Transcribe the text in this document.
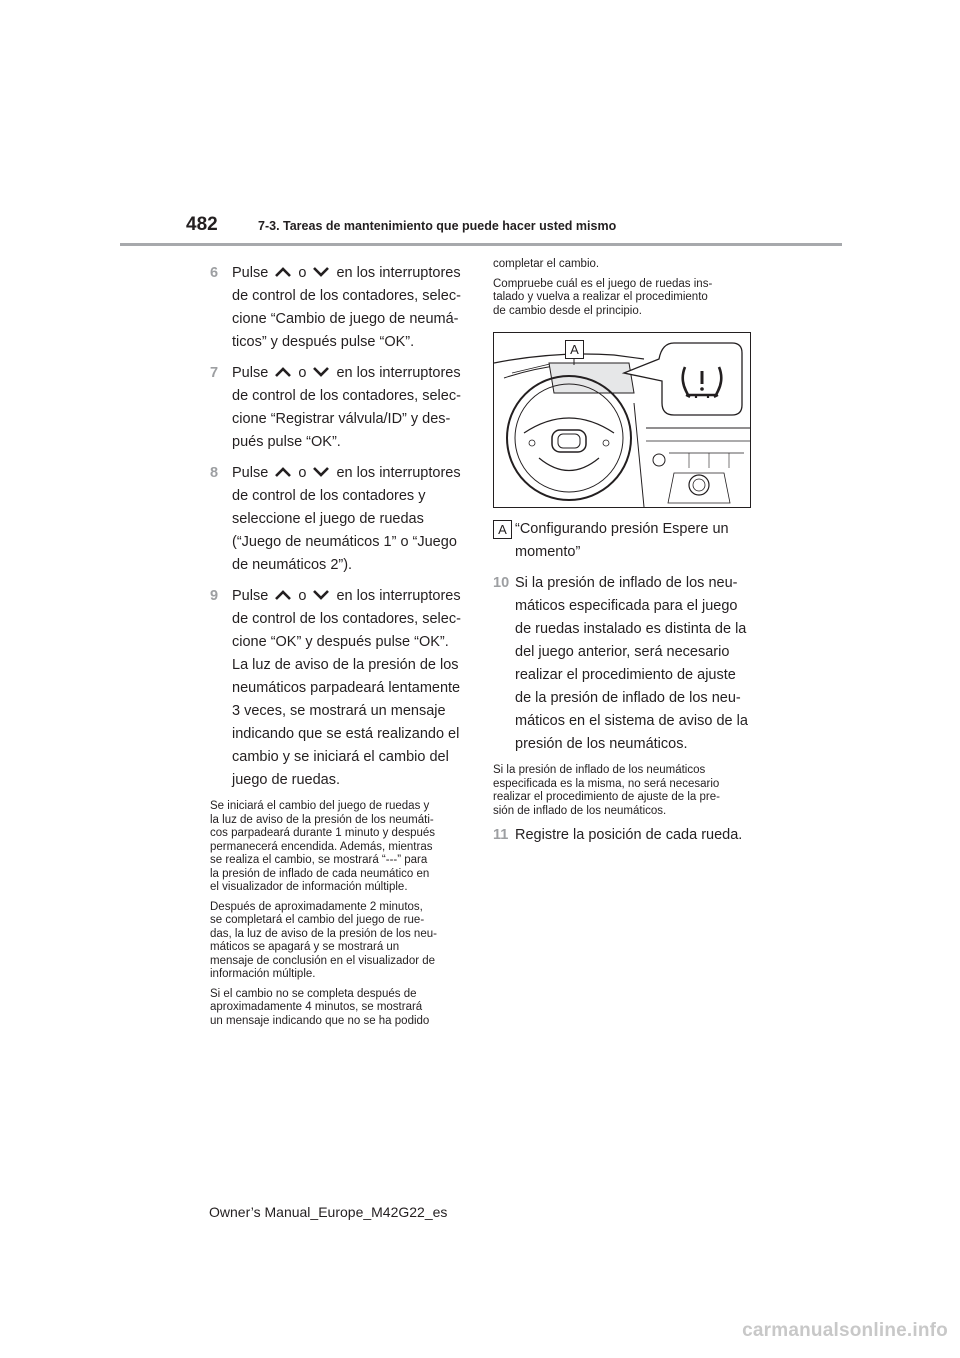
482	7-3. Tareas de mantenimiento que puede hacer usted mismo
6 Pulse o en los interruptores
de control de los contadores, selec-
cione “Cambio de juego de neumá-
ticos” y después pulse “OK”.
7 Pulse o en los interruptores
de control de los contadores, selec-
cione “Registrar válvula/ID” y des-
pués pulse “OK”.
8 Pulse o en los interruptores
de control de los contadores y
seleccione el juego de ruedas
(“Juego de neumáticos 1” o “Juego
de neumáticos 2”).
9 Pulse o en los interruptores
de control de los contadores, selec-
cione “OK” y después pulse “OK”.
La luz de aviso de la presión de los
neumáticos parpadeará lentamente
3 veces, se mostrará un mensaje
indicando que se está realizando el
cambio y se iniciará el cambio del
juego de ruedas.
Se iniciará el cambio del juego de ruedas y
la luz de aviso de la presión de los neumáti-
cos parpadeará durante 1 minuto y después
permanecerá encendida. Además, mientras
se realiza el cambio, se mostrará “---” para
la presión de inflado de cada neumático en
el visualizador de información múltiple.
Después de aproximadamente 2 minutos,
se completará el cambio del juego de rue-
das, la luz de aviso de la presión de los neu-
máticos se apagará y se mostrará un
mensaje de conclusión en el visualizador de
información múltiple.
Si el cambio no se completa después de
aproximadamente 4 minutos, se mostrará
un mensaje indicando que no se ha podido
completar el cambio.
Compruebe cuál es el juego de ruedas ins-
talado y vuelva a realizar el procedimiento
de cambio desde el principio.
A
A “Configurando presión Espere un
momento”
10 Si la presión de inflado de los neu-
máticos especificada para el juego
de ruedas instalado es distinta de la
del juego anterior, será necesario
realizar el procedimiento de ajuste
de la presión de inflado de los neu-
máticos en el sistema de aviso de la
presión de los neumáticos.
Si la presión de inflado de los neumáticos
especificada es la misma, no será necesario
realizar el procedimiento de ajuste de la pre-
sión de inflado de los neumáticos.
11 Registre la posición de cada rueda.
Owner’s Manual_Europe_M42G22_es
carmanualsonline.info
